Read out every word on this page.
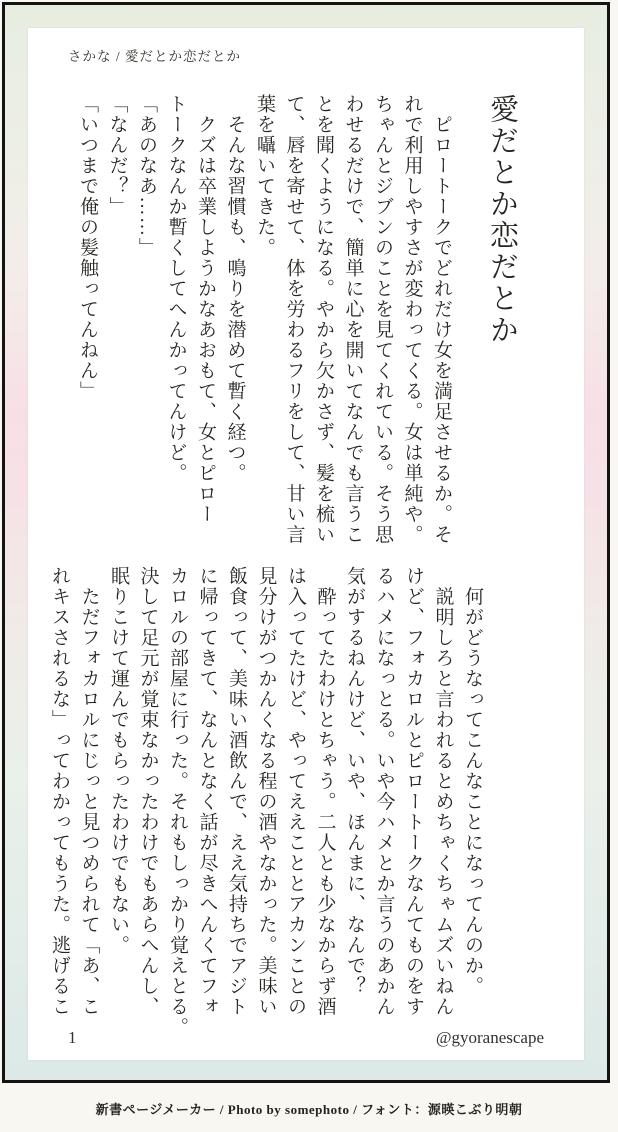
さかな / 愛だとか恋だとか
愛だとか恋だとか

　ピロートークでどれだけ女を満足させるか。そ

れで利用しやすさが変わってくる。女は単純や。

ちゃんとジブンのことを見てくれている。そう思

わせるだけで、簡単に心を開いてなんでも言うこ

とを聞くようになる。やから欠かさず、髪を梳い

て、唇を寄せて、体を労わるフリをして、甘い言

葉を囁いてきた。

　そんな習慣も、鳴りを潜めて暫く経つ。

　クズは卒業しようかなあおもて、女とピロー

トークなんか暫くしてへんかってんけど。

「あのなあ……」

「なんだ？」

「いつまで俺の髪触ってんねん」

　何がどうなってこんなことになってんのか。

　説明しろと言われるとめちゃくちゃムズいねん

けど、フォカロルとピロートークなんてものをす

るハメになっとる。いや今ハメとか言うのあかん

気がするねんけど、いや、ほんまに、なんで？

　酔ってたわけとちゃう。二人とも少なからず酒

は入ってたけど、やってええこととアカンことの

見分けがつかんくなる程の酒やなかった。美味い

飯食って、美味い酒飲んで、ええ気持ちでアジト

に帰ってきて、なんとなく話が尽きへんくてフォ

カロルの部屋に行った。それもしっかり覚えとる。

決して足元が覚束なかったわけでもあらへんし、

眠りこけて運んでもらったわけでもない。

　ただフォカロルにじっと見つめられて「あ、こ

れキスされるな」ってわかってもうた。逃げるこ

1	@gyoranescape
新書ページメーカー / Photo by somephoto / フォント：源暎こぶり明朝
